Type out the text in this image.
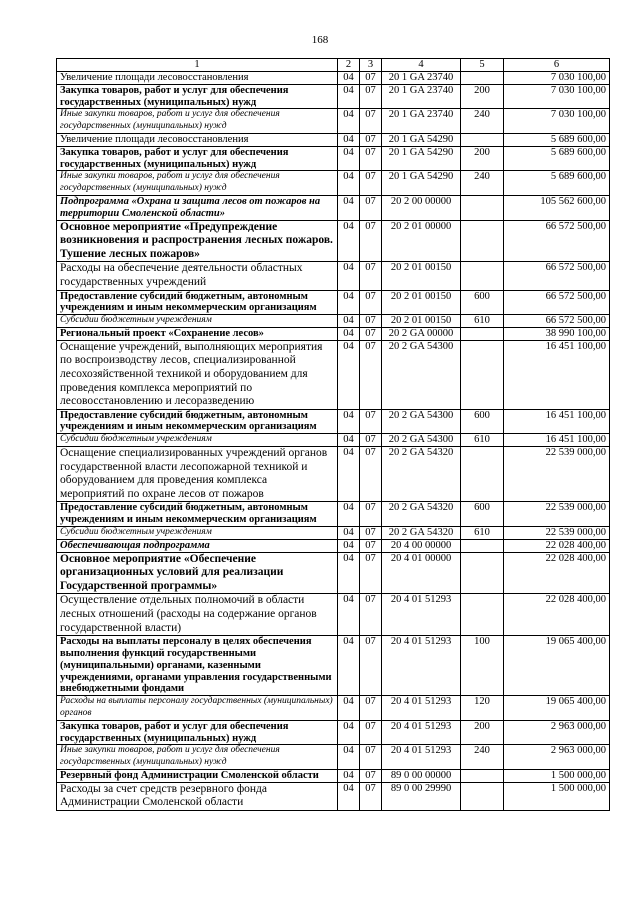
168
1	2	3	4	5	6
Увеличение площади лесовосстановления	04	07	20 1 GA 23740		7 030 100,00
Закупка товаров, работ и услуг для обеспечения государственных (муниципальных) нужд	04	07	20 1 GA 23740	200	7 030 100,00
Иные закупки товаров, работ и услуг для обеспечения государственных (муниципальных) нужд	04	07	20 1 GA 23740	240	7 030 100,00
Увеличение площади лесовосстановления	04	07	20 1 GA 54290		5 689 600,00
Закупка товаров, работ и услуг для обеспечения государственных (муниципальных) нужд	04	07	20 1 GA 54290	200	5 689 600,00
Иные закупки товаров, работ и услуг для обеспечения государственных (муниципальных) нужд	04	07	20 1 GA 54290	240	5 689 600,00
Подпрограмма «Охрана и защита лесов от пожаров на территории Смоленской области»	04	07	20 2 00 00000		105 562 600,00
Основное мероприятие «Предупреждение возникновения и распространения лесных пожаров. Тушение лесных пожаров»	04	07	20 2 01 00000		66 572 500,00
Расходы на обеспечение деятельности областных государственных учреждений	04	07	20 2 01 00150		66 572 500,00
Предоставление субсидий бюджетным, автономным учреждениям и иным некоммерческим организациям	04	07	20 2 01 00150	600	66 572 500,00
Субсидии бюджетным учреждениям	04	07	20 2 01 00150	610	66 572 500,00
Региональный проект «Сохранение лесов»	04	07	20 2 GA 00000		38 990 100,00
Оснащение учреждений, выполняющих мероприятия по воспроизводству лесов, специализированной лесохозяйственной техникой и оборудованием для проведения комплекса мероприятий по лесовосстановлению и лесоразведению	04	07	20 2 GA 54300		16 451 100,00
Предоставление субсидий бюджетным, автономным учреждениям и иным некоммерческим организациям	04	07	20 2 GA 54300	600	16 451 100,00
Субсидии бюджетным учреждениям	04	07	20 2 GA 54300	610	16 451 100,00
Оснащение специализированных учреждений органов государственной власти лесопожарной техникой и оборудованием для проведения комплекса мероприятий по охране лесов от пожаров	04	07	20 2 GA 54320		22 539 000,00
Предоставление субсидий бюджетным, автономным учреждениям и иным некоммерческим организациям	04	07	20 2 GA 54320	600	22 539 000,00
Субсидии бюджетным учреждениям	04	07	20 2 GA 54320	610	22 539 000,00
Обеспечивающая подпрограмма	04	07	20 4 00 00000		22 028 400,00
Основное мероприятие «Обеспечение организационных условий для реализации Государственной программы»	04	07	20 4 01 00000		22 028 400,00
Осуществление отдельных полномочий в области лесных отношений (расходы на содержание органов государственной власти)	04	07	20 4 01 51293		22 028 400,00
Расходы на выплаты персоналу в целях обеспечения выполнения функций государственными (муниципальными) органами, казенными учреждениями, органами управления государственными внебюджетными фондами	04	07	20 4 01 51293	100	19 065 400,00
Расходы на выплаты персоналу государственных (муниципальных) органов	04	07	20 4 01 51293	120	19 065 400,00
Закупка товаров, работ и услуг для обеспечения государственных (муниципальных) нужд	04	07	20 4 01 51293	200	2 963 000,00
Иные закупки товаров, работ и услуг для обеспечения государственных (муниципальных) нужд	04	07	20 4 01 51293	240	2 963 000,00
Резервный фонд Администрации Смоленской области	04	07	89 0 00 00000		1 500 000,00
Расходы за счет средств резервного фонда Администрации Смоленской области	04	07	89 0 00 29990		1 500 000,00
